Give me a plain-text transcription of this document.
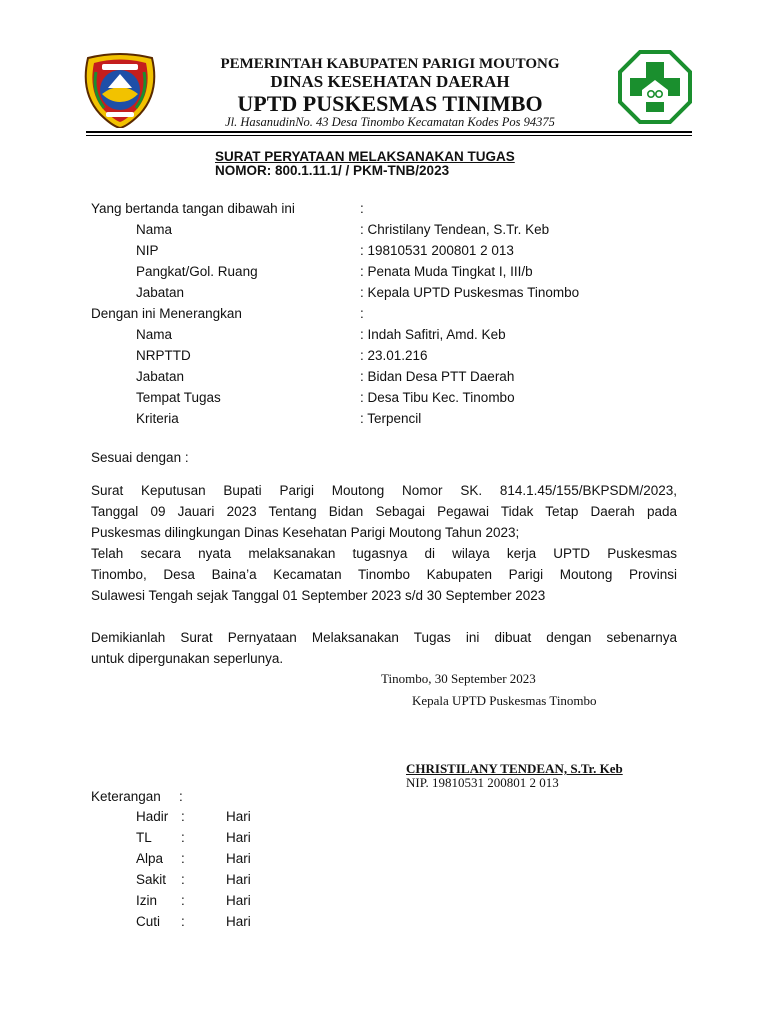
PEMERINTAH KABUPATEN PARIGI MOUTONG
DINAS KESEHATAN DAERAH
UPTD PUSKESMAS TINIMBO
Jl. HasanudinNo. 43 Desa Tinombo Kecamatan Kodes Pos 94375
SURAT PERYATAAN MELAKSANAKAN TUGAS
NOMOR: 800.1.11.1/ / PKM-TNB/2023
Yang bertanda tangan dibawah ini	:
Nama	: Christilany Tendean, S.Tr. Keb
NIP	: 19810531 200801 2 013
Pangkat/Gol. Ruang	: Penata Muda Tingkat I, III/b
Jabatan	: Kepala UPTD Puskesmas Tinombo
Dengan ini Menerangkan	:
Nama	: Indah Safitri, Amd. Keb
NRPTTD	: 23.01.216
Jabatan	: Bidan Desa PTT Daerah
Tempat Tugas	: Desa Tibu Kec. Tinombo
Kriteria	: Terpencil
Sesuai dengan :
Surat Keputusan Bupati Parigi Moutong Nomor SK. 814.1.45/155/BKPSDM/2023,
Tanggal 09 Jauari 2023 Tentang Bidan Sebagai Pegawai Tidak Tetap Daerah pada
Puskesmas dilingkungan Dinas Kesehatan Parigi Moutong Tahun 2023;
Telah secara nyata melaksanakan tugasnya di wilaya kerja UPTD Puskesmas
Tinombo, Desa Baina’a Kecamatan Tinombo Kabupaten Parigi Moutong Provinsi
Sulawesi Tengah sejak Tanggal 01 September 2023 s/d 30 September 2023
Demikianlah Surat Pernyataan Melaksanakan Tugas ini dibuat dengan sebenarnya
untuk dipergunakan seperlunya.
Tinombo, 30 September 2023
Kepala UPTD Puskesmas Tinombo
CHRISTILANY TENDEAN, S.Tr. Keb
NIP. 19810531 200801 2 013
Keterangan :
Hadir :	Hari
TL :	Hari
Alpa :	Hari
Sakit :	Hari
Izin :	Hari
Cuti :	Hari
